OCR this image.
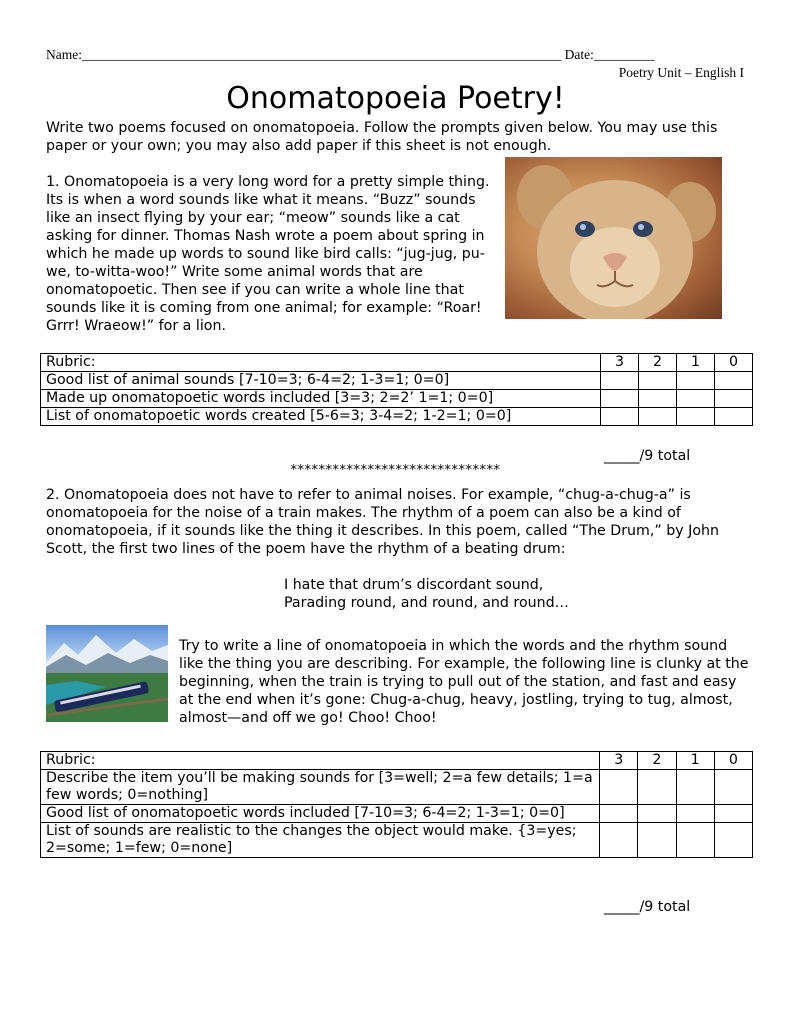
Name:_______________________________________________________________________ Date:_________
Poetry Unit – English I
Onomatopoeia Poetry!
Write two poems focused on onomatopoeia. Follow the prompts given below. You may use this paper or your own; you may also add paper if this sheet is not enough.
1. Onomatopoeia is a very long word for a pretty simple thing. Its is when a word sounds like what it means. “Buzz” sounds like an insect flying by your ear; “meow” sounds like a cat asking for dinner. Thomas Nash wrote a poem about spring in which he made up words to sound like bird calls: “jug-jug, pu-we, to-witta-woo!” Write some animal words that are onomatopoetic. Then see if you can write a whole line that sounds like it is coming from one animal; for example: “Roar! Grrr! Wraeow!” for a lion.
Rubric:	3	2	1	0
Good list of animal sounds [7-10=3; 6-4=2; 1-3=1; 0=0]				
Made up onomatopoetic words included [3=3; 2=2’ 1=1; 0=0]				
List of onomatopoetic words created [5-6=3; 3-4=2; 1-2=1; 0=0]				
_____/9 total
******************************
2. Onomatopoeia does not have to refer to animal noises. For example, “chug-a-chug-a” is onomatopoeia for the noise of a train makes. The rhythm of a poem can also be a kind of onomatopoeia, if it sounds like the thing it describes. In this poem, called “The Drum,” by John Scott, the first two lines of the poem have the rhythm of a beating drum:
I hate that drum’s discordant sound,
Parading round, and round, and round…
Try to write a line of onomatopoeia in which the words and the rhythm sound like the thing you are describing. For example, the following line is clunky at the beginning, when the train is trying to pull out of the station, and fast and easy at the end when it’s gone: Chug-a-chug, heavy, jostling, trying to tug, almost, almost—and off we go! Choo! Choo!
Rubric:	3	2	1	0
Describe the item you’ll be making sounds for [3=well; 2=a few details; 1=a few words; 0=nothing]				
Good list of onomatopoetic words included [7-10=3; 6-4=2; 1-3=1; 0=0]				
List of sounds are realistic to the changes the object would make. {3=yes; 2=some; 1=few; 0=none]				
_____/9 total
